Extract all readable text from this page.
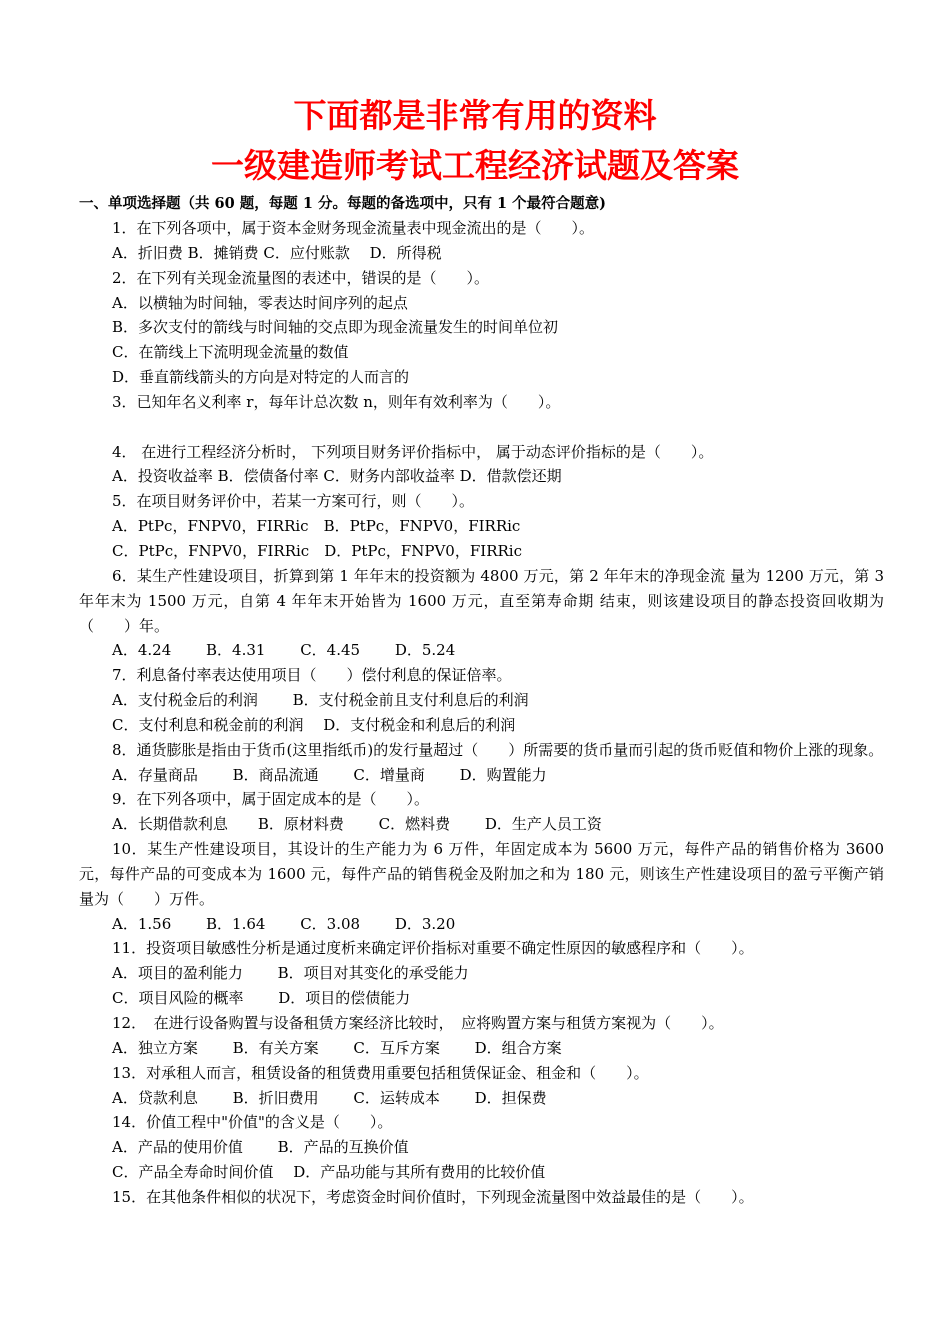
下面都是非常有用的资料
一级建造师考试工程经济试题及答案
一、单项选择题（共 60 题，每题 1 分。每题的备选项中，只有 1 个最符合题意)
1．在下列各项中，属于资本金财务现金流量表中现金流出的是（　　）。
A．折旧费 B．摊销费 C．应付账款　 D．所得税
2．在下列有关现金流量图的表述中，错误的是（　　）。
A．以横轴为时间轴，零表达时间序列的起点
B．多次支付的箭线与时间轴的交点即为现金流量发生的时间单位初
C．在箭线上下流明现金流量的数值
D．垂直箭线箭头的方向是对特定的人而言的
3．已知年名义利率 r，每年计总次数 n，则年有效利率为（　　）。
4． 在进行工程经济分析时， 下列项目财务评价指标中， 属于动态评价指标的是（　　）。
A．投资收益率 B．偿债备付率 C．财务内部收益率 D．借款偿还期
5．在项目财务评价中，若某一方案可行，则（　　）。
A．PtPc，FNPV0，FIRRic　B．PtPc，FNPV0，FIRRic
C．PtPc，FNPV0，FIRRic　D．PtPc，FNPV0，FIRRic

6．某生产性建设项目，折算到第 1 年年末的投资额为 4800 万元，第 2 年年末的净现金流 量为 1200 万元，第 3 年年末为 1500 万元，自第 4 年年末开始皆为 1600 万元，直至第寿命期 结束，则该建设项目的静态投资回收期为（　　）年。

A．4.24　　 B．4.31　　 C．4.45　　 D．5.24
7．利息备付率表达使用项目（　　）偿付利息的保证倍率。
A．支付税金后的利润　　 B．支付税金前且支付利息后的利润
C．支付利息和税金前的利润　 D．支付税金和利息后的利润

8．通货膨胀是指由于货币(这里指纸币)的发行量超过（　　）所需要的货币量而引起的货币贬值和物价上涨的现象。

A．存量商品　　 B．商品流通　　 C．增量商　　 D．购置能力
9．在下列各项中，属于固定成本的是（　　）。
A．长期借款利息　　B．原材料费　　 C．燃料费　　 D．生产人员工资

10．某生产性建设项目，其设计的生产能力为 6 万件，年固定成本为 5600 万元，每件产品的销售价格为 3600 元，每件产品的可变成本为 1600 元，每件产品的销售税金及附加之和为 180 元，则该生产性建设项目的盈亏平衡产销量为（　　）万件。

A．1.56　　 B．1.64　　 C．3.08　　 D．3.20
11．投资项目敏感性分析是通过度析来确定评价指标对重要不确定性原因的敏感程序和（　　）。
A．项目的盈利能力　　 B．项目对其变化的承受能力
C．项目风险的概率　　 D．项目的偿债能力
12．　在进行设备购置与设备租赁方案经济比较时，　应将购置方案与租赁方案视为（　　）。
A．独立方案　　 B．有关方案　　 C．互斥方案　　 D．组合方案
13．对承租人而言，租赁设备的租赁费用重要包括租赁保证金、租金和（　　）。
A．贷款利息　　 B．折旧费用　　 C．运转成本　　 D．担保费
14．价值工程中"价值"的含义是（　　）。
A．产品的使用价值　　 B．产品的互换价值
C．产品全寿命时间价值　 D．产品功能与其所有费用的比较价值
15．在其他条件相似的状况下，考虑资金时间价值时，下列现金流量图中效益最佳的是（　　）。
